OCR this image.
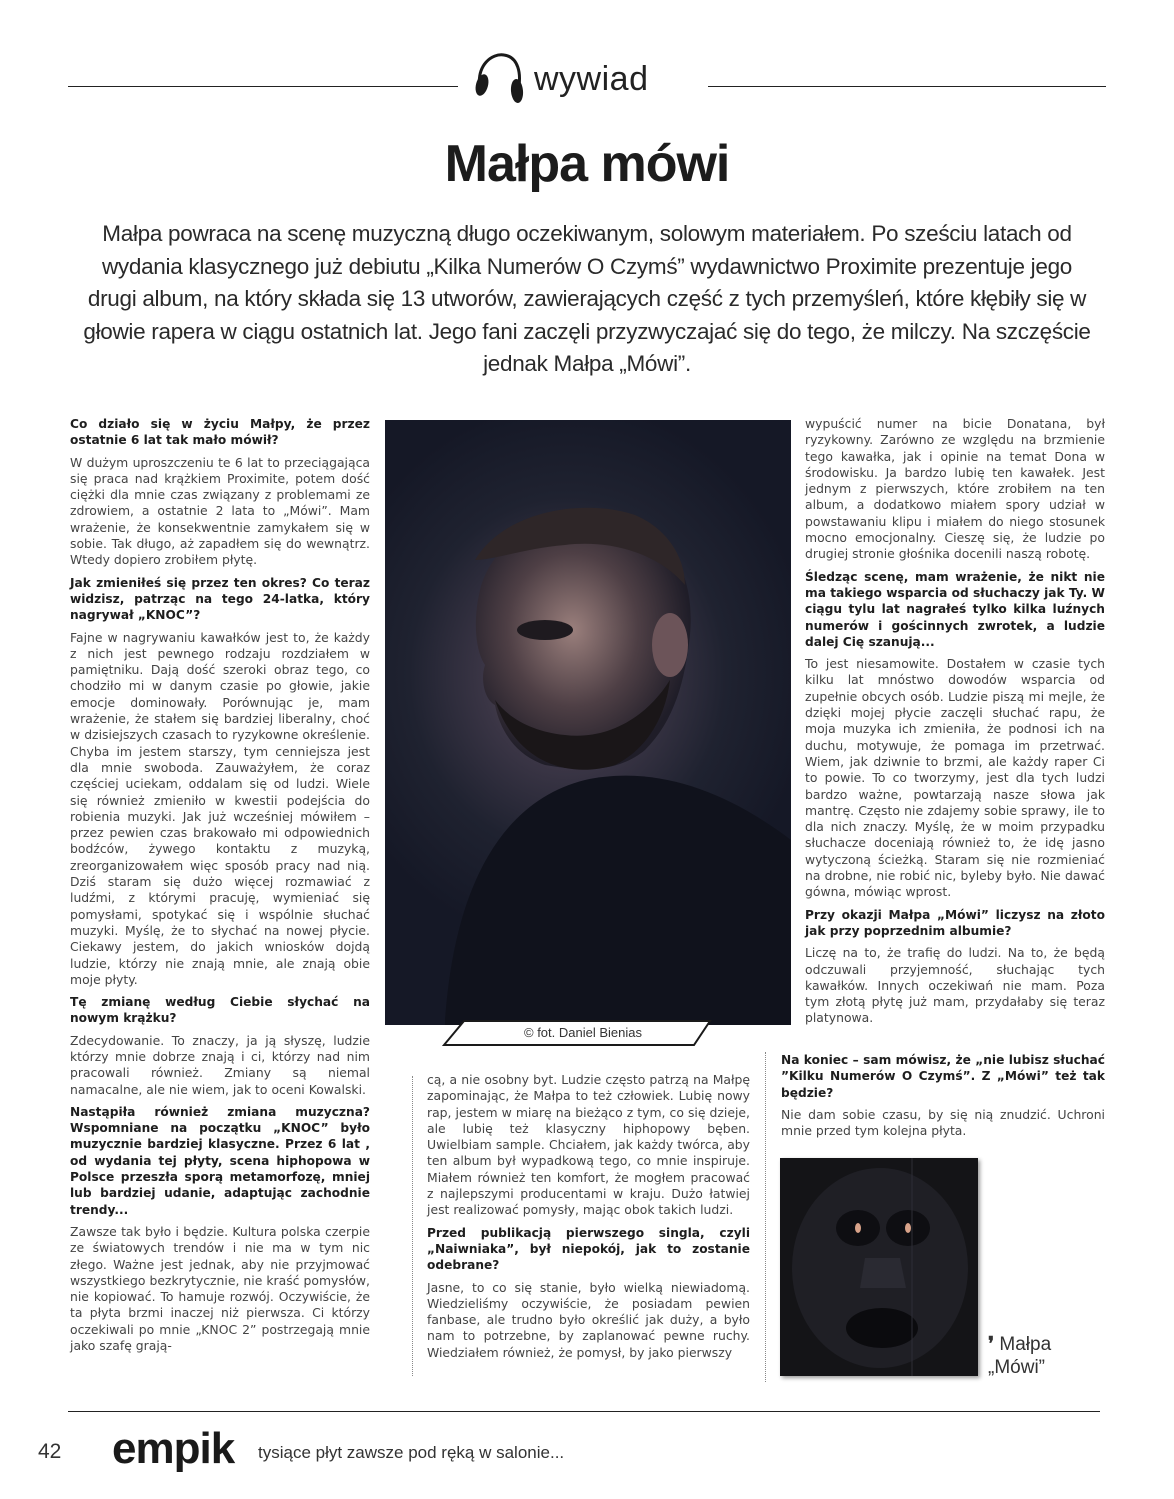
wywiad
Małpa mówi
Małpa powraca na scenę muzyczną długo oczekiwanym, solowym materiałem. Po sześciu latach od wydania klasycznego już debiutu „Kilka Numerów O Czymś” wydawnictwo Proximite prezentuje jego drugi album, na który składa się 13 utworów, zawierających część z tych przemyśleń, które kłębiły się w głowie rapera w ciągu ostatnich lat. Jego fani zaczęli przyzwyczajać się do tego, że milczy. Na szczęście jednak Małpa „Mówi”.

Co działo się w życiu Małpy, że przez ostatnie 6 lat tak mało mówił?

W dużym uproszczeniu te 6 lat to przeciągająca się praca nad krążkiem Proximite, potem dość ciężki dla mnie czas związany z problemami ze zdrowiem, a ostatnie 2 lata to „Mówi”. Mam wrażenie, że konsekwentnie zamykałem się w sobie. Tak długo, aż zapadłem się do wewnątrz. Wtedy dopiero zrobiłem płytę.

Jak zmieniłeś się przez ten okres? Co teraz widzisz, patrząc na tego 24-latka, który nagrywał „KNOC”?

Fajne w nagrywaniu kawałków jest to, że każdy z nich jest pewnego rodzaju rozdziałem w pamiętniku. Dają dość szeroki obraz tego, co chodziło mi w danym czasie po głowie, jakie emocje dominowały. Porównując je, mam wrażenie, że stałem się bardziej liberalny, choć w dzisiejszych czasach to ryzykowne określenie. Chyba im jestem starszy, tym cenniejsza jest dla mnie swoboda. Zauważyłem, że coraz częściej uciekam, oddalam się od ludzi. Wiele się również zmieniło w kwestii podejścia do robienia muzyki. Jak już wcześniej mówiłem – przez pewien czas brakowało mi odpowiednich bodźców, żywego kontaktu z muzyką, zreorganizowałem więc sposób pracy nad nią. Dziś staram się dużo więcej rozmawiać z ludźmi, z którymi pracuję, wymieniać się pomysłami, spotykać się i wspólnie słuchać muzyki. Myślę, że to słychać na nowej płycie. Ciekawy jestem, do jakich wniosków dojdą ludzie, którzy nie znają mnie, ale znają obie moje płyty.

Tę zmianę według Ciebie słychać na nowym krążku?

Zdecydowanie. To znaczy, ja ją słyszę, ludzie którzy mnie dobrze znają i ci, którzy nad nim pracowali również. Zmiany są niemal namacalne, ale nie wiem, jak to oceni Kowalski.

Nastąpiła również zmiana muzyczna? Wspomniane na początku „KNOC” było muzycznie bardziej klasyczne. Przez 6 lat , od wydania tej płyty, scena hiphopowa w Polsce przeszła sporą metamorfozę, mniej lub bardziej udanie, adaptując zachodnie trendy...

Zawsze tak było i będzie. Kultura polska czerpie ze światowych trendów i nie ma w tym nic złego. Ważne jest jednak, aby nie przyjmować wszystkiego bezkrytycznie, nie kraść pomysłów, nie kopiować. To hamuje rozwój. Oczywiście, że ta płyta brzmi inaczej niż pierwsza. Ci którzy oczekiwali po mnie „KNOC 2” postrzegają mnie jako szafę grają-

cą, a nie osobny byt. Ludzie często patrzą na Małpę zapominając, że Małpa to też człowiek. Lubię nowy rap, jestem w miarę na bieżąco z tym, co się dzieje, ale lubię też klasyczny hiphopowy bęben. Uwielbiam sample. Chciałem, jak każdy twórca, aby ten album był wypadkową tego, co mnie inspiruje. Miałem również ten komfort, że mogłem pracować z najlepszymi producentami w kraju. Dużo łatwiej jest realizować pomysły, mając obok takich ludzi.

Przed publikacją pierwszego singla, czyli „Naiwniaka”, był niepokój, jak to zostanie odebrane?

Jasne, to co się stanie, było wielką niewiadomą. Wiedzieliśmy oczywiście, że posiadam pewien fanbase, ale trudno było określić jak duży, a było nam to potrzebne, by zaplanować pewne ruchy. Wiedziałem również, że pomysł, by jako pierwszy

wypuścić numer na bicie Donatana, był ryzykowny. Zarówno ze względu na brzmienie tego kawałka, jak i opinie na temat Dona w środowisku. Ja bardzo lubię ten kawałek. Jest jednym z pierwszych, które zrobiłem na ten album, a dodatkowo miałem spory udział w powstawaniu klipu i miałem do niego stosunek mocno emocjonalny. Cieszę się, że ludzie po drugiej stronie głośnika docenili naszą robotę.

Śledząc scenę, mam wrażenie, że nikt nie ma takiego wsparcia od słuchaczy jak Ty. W ciągu tylu lat nagrałeś tylko kilka luźnych numerów i gościnnych zwrotek, a ludzie dalej Cię szanują...

To jest niesamowite. Dostałem w czasie tych kilku lat mnóstwo dowodów wsparcia od zupełnie obcych osób. Ludzie piszą mi mejle, że dzięki mojej płycie zaczęli słuchać rapu, że moja muzyka ich zmieniła, że podnosi ich na duchu, motywuje, że pomaga im przetrwać. Wiem, jak dziwnie to brzmi, ale każdy raper Ci to powie. To co tworzymy, jest dla tych ludzi bardzo ważne, powtarzają nasze słowa jak mantrę. Często nie zdajemy sobie sprawy, ile to dla nich znaczy. Myślę, że w moim przypadku słuchacze doceniają również to, że idę jasno wytyczoną ścieżką. Staram się nie rozmieniać na drobne, nie robić nic, byleby było. Nie dawać gówna, mówiąc wprost.

Przy okazji Małpa „Mówi” liczysz na złoto jak przy poprzednim albumie?

Liczę na to, że trafię do ludzi. Na to, że będą odczuwali przyjemność, słuchając tych kawałków. Innych oczekiwań nie mam. Poza tym złotą płytę już mam, przydałaby się teraz platynowa.

Na koniec – sam mówisz, że „nie lubisz słuchać ”Kilku Numerów O Czymś”. Z „Mówi” też tak będzie?

Nie dam sobie czasu, by się nią znudzić. Uchroni mnie przed tym kolejna płyta.

© fot. Daniel Bienias
❜ Małpa
„Mówi”
42 empik tysiące płyt zawsze pod ręką w salonie...
